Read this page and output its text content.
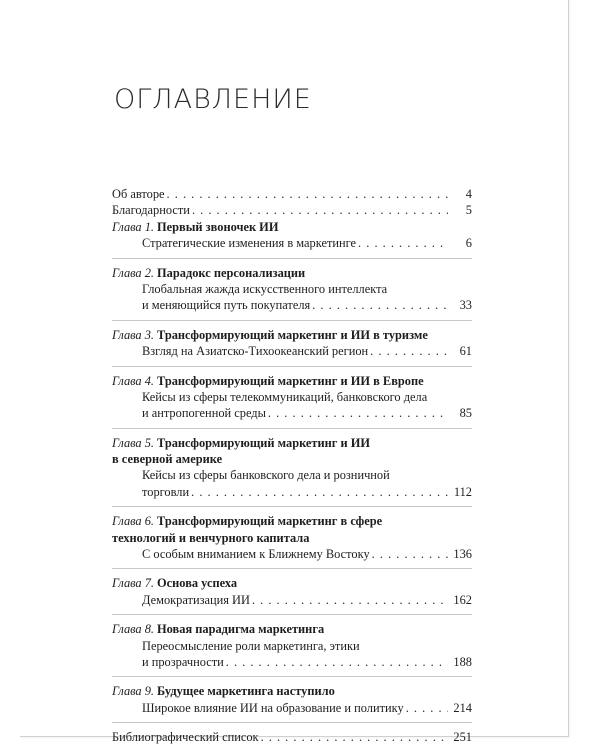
ОГЛАВЛЕНИЕ
Об авторе . . .	4
Благодарности . . .	5
Глава 1. Первый звоночек ИИ
Стратегические изменения в маркетинге . . .	6
Глава 2. Парадокс персонализации
Глобальная жажда искусственного интеллекта
и меняющийся путь покупателя . . .	33
Глава 3. Трансформирующий маркетинг и ИИ в туризме
Взгляд на Азиатско-Тихоокеанский регион . . .	61
Глава 4. Трансформирующий маркетинг и ИИ в Европе
Кейсы из сферы телекоммуникаций, банковского дела
и антропогенной среды . . .	85
Глава 5. Трансформирующий маркетинг и ИИ
в северной америке
Кейсы из сферы банковского дела и розничной
торговли . . .	112
Глава 6. Трансформирующий маркетинг в сфере
технологий и венчурного капитала
С особым вниманием к Ближнему Востоку . . .	136
Глава 7. Основа успеха
Демократизация ИИ . . .	162
Глава 8. Новая парадигма маркетинга
Переосмысление роли маркетинга, этики
и прозрачности . . .	188
Глава 9. Будущее маркетинга наступило
Широкое влияние ИИ на образование и политику . . .	214
Библиографический список . . .	251
